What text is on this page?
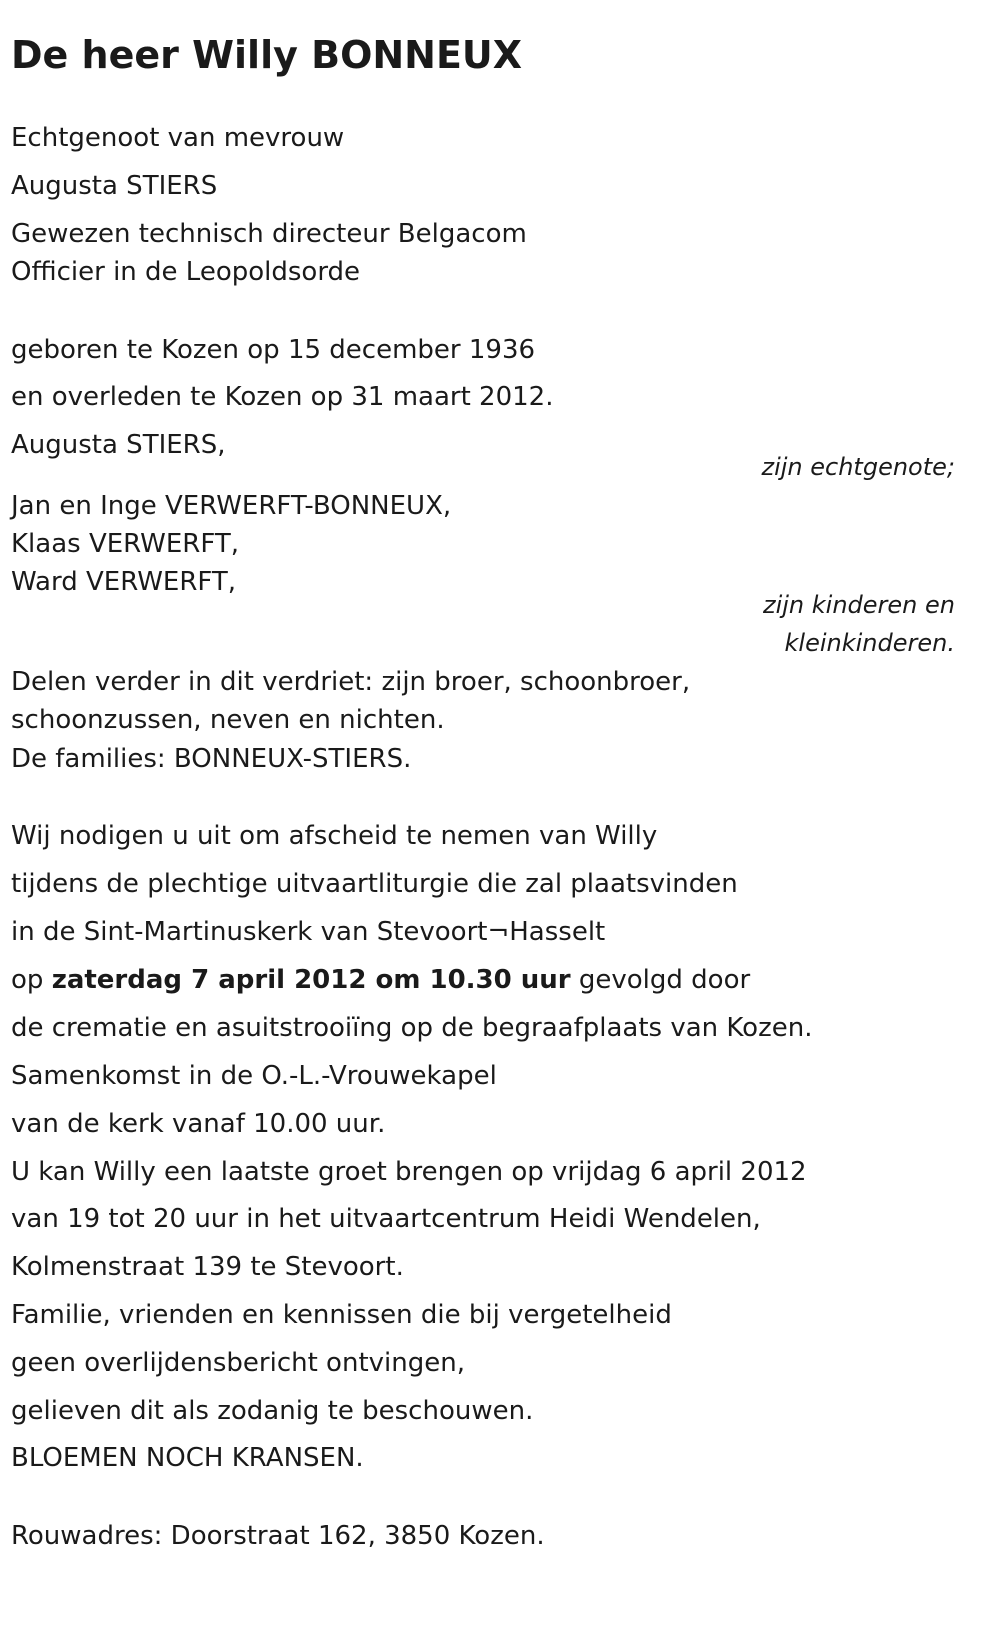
De heer Willy BONNEUX
Echtgenoot van mevrouw
Augusta STIERS
Gewezen technisch directeur Belgacom
Officier in de Leopoldsorde
geboren te Kozen op 15 december 1936
en overleden te Kozen op 31 maart 2012.
Augusta STIERS,
zijn echtgenote;
Jan en Inge VERWERFT-BONNEUX,
Klaas VERWERFT,
Ward VERWERFT,
zijn kinderen en
kleinkinderen.
Delen verder in dit verdriet: zijn broer, schoonbroer,
schoonzussen, neven en nichten.
De families: BONNEUX-STIERS.
Wij nodigen u uit om afscheid te nemen van Willy
tijdens de plechtige uitvaartliturgie die zal plaatsvinden
in de Sint-Martinuskerk van Stevoort¬Hasselt
op zaterdag 7 april 2012 om 10.30 uur gevolgd door
de crematie en asuitstrooiïng op de begraafplaats van Kozen.
Samenkomst in de O.-L.-Vrouwekapel
van de kerk vanaf 10.00 uur.
U kan Willy een laatste groet brengen op vrijdag 6 april 2012
van 19 tot 20 uur in het uitvaartcentrum Heidi Wendelen,
Kolmenstraat 139 te Stevoort.
Familie, vrienden en kennissen die bij vergetelheid
geen overlijdensbericht ontvingen,
gelieven dit als zodanig te beschouwen.
BLOEMEN NOCH KRANSEN.
Rouwadres: Doorstraat 162, 3850 Kozen.
